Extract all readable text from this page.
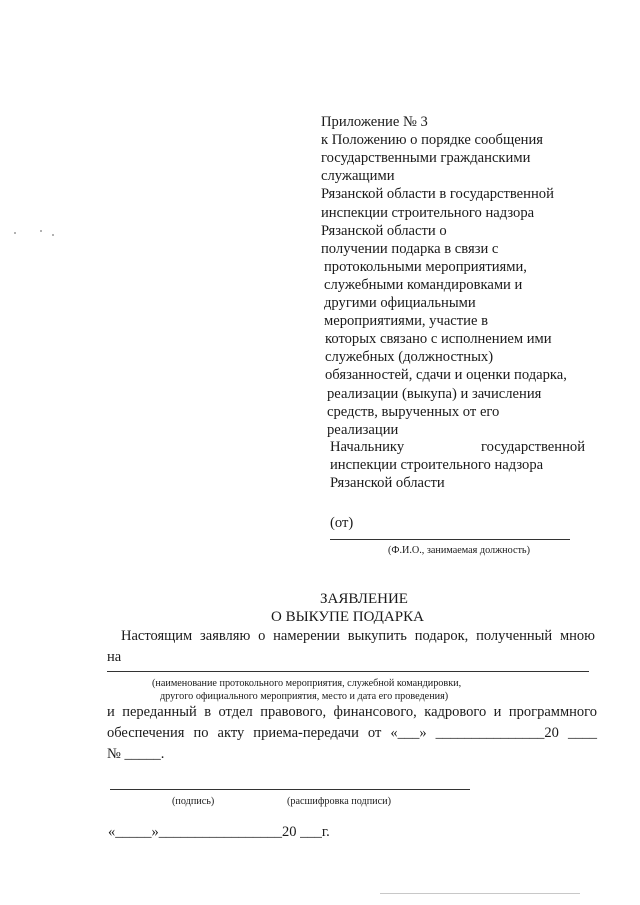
Приложение № 3
к Положению о порядке сообщения
государственными гражданскими
служащими
Рязанской области в государственной
инспекции строительного надзора
Рязанской области о
получении подарка в связи с
протокольными мероприятиями,
служебными командировками и
другими официальными
мероприятиями, участие в
которых связано с исполнением ими
служебных (должностных)
обязанностей, сдачи и оценки подарка,
реализации (выкупа) и зачисления
средств, вырученных от его
реализации
Начальнику	государственной
инспекции строительного надзора
Рязанской области
(от)
(Ф.И.О., занимаемая должность)
ЗАЯВЛЕНИЕ
О ВЫКУПЕ ПОДАРКА
Настоящим заявляю о намерении выкупить подарок, полученный мною
на
(наименование протокольного мероприятия, служебной командировки,
другого официального мероприятия, место и дата его проведения)
и переданный в отдел правового, финансового, кадрового и программного
обеспечения по акту приема-передачи от «___» _______________20 ____
№ _____.
(подпись)	(расшифровка подписи)
«_____»_________________20 ___г.
